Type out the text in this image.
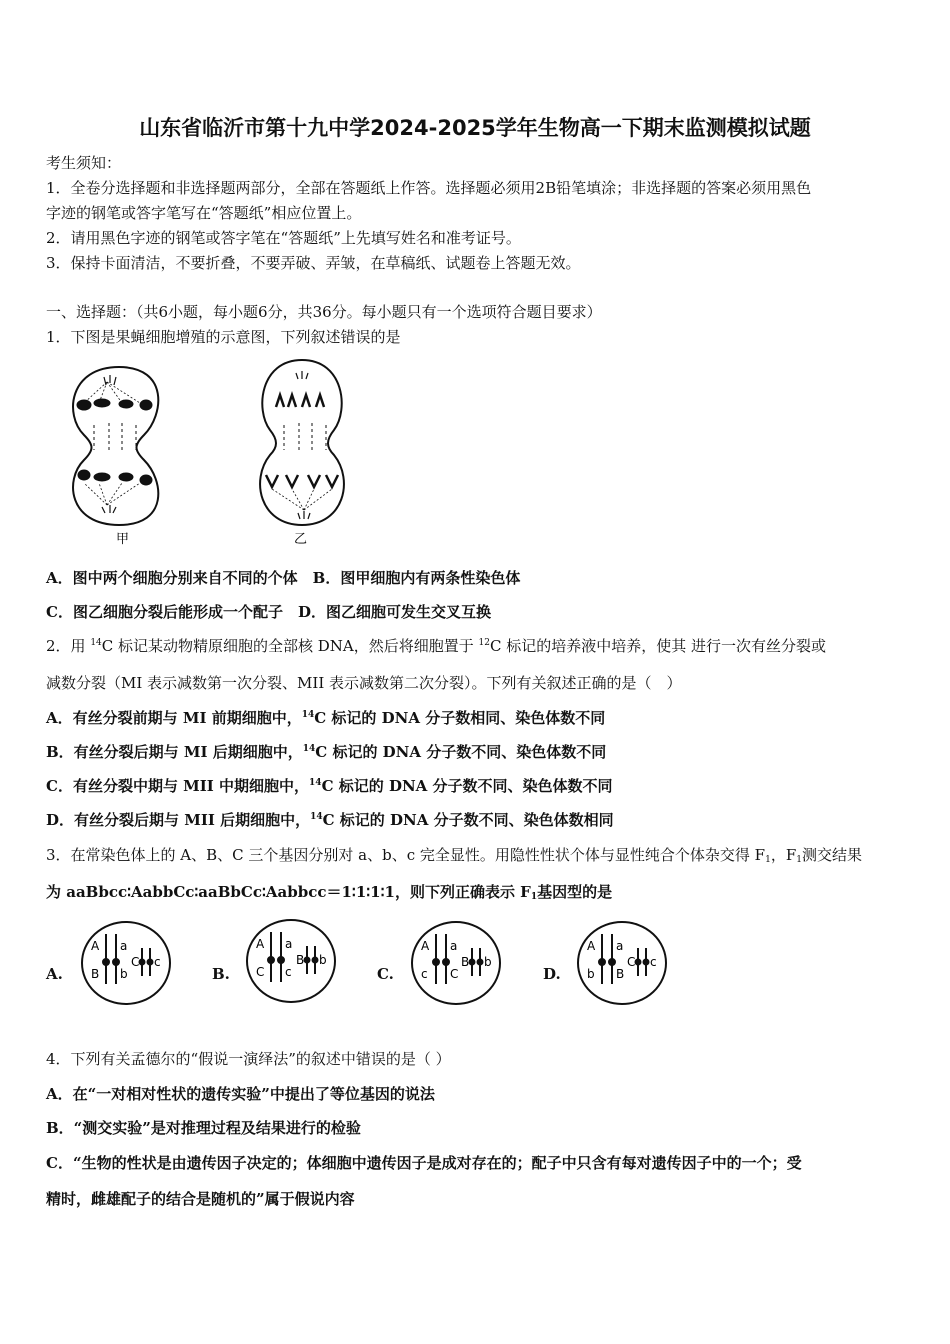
山东省临沂市第十九中学2024-2025学年生物高一下期末监测模拟试题
考生须知：
1．全卷分选择题和非选择题两部分，全部在答题纸上作答。选择题必须用2B铅笔填涂；非选择题的答案必须用黑色
字迹的钢笔或答字笔写在“答题纸”相应位置上。
2．请用黑色字迹的钢笔或答字笔在“答题纸”上先填写姓名和准考证号。
3．保持卡面清洁，不要折叠，不要弄破、弄皱，在草稿纸、试题卷上答题无效。
一、选择题：（共6小题，每小题6分，共36分。每小题只有一个选项符合题目要求）
1．下图是果蝇细胞增殖的示意图，下列叙述错误的是
甲	乙
A．图中两个细胞分别来自不同的个体　B．图甲细胞内有两条性染色体
C．图乙细胞分裂后能形成一个配子　D．图乙细胞可发生交叉互换
2．用 $^{14}$C 标记某动物精原细胞的全部核 DNA，然后将细胞置于 $^{12}$C 标记的培养液中培养，使其 进行一次有丝分裂或
减数分裂（MI 表示减数第一次分裂、MII 表示减数第二次分裂）。下列有关叙述正确的是（　）
A．有丝分裂前期与 MI 前期细胞中，$^{14}$C 标记的 DNA 分子数相同、染色体数不同
B．有丝分裂后期与 MI 后期细胞中，$^{14}$C 标记的 DNA 分子数不同、染色体数不同
C．有丝分裂中期与 MII 中期细胞中，$^{14}$C 标记的 DNA 分子数不同、染色体数不同
D．有丝分裂后期与 MII 后期细胞中，$^{14}$C 标记的 DNA 分子数不同、染色体数相同
3．在常染色体上的 A、B、C 三个基因分别对 a、b、c 完全显性。用隐性性状个体与显性纯合个体杂交得 $F_1$，$F_1$测交结果
为 aaBbcc∶AabbCc∶aaBbCc∶Aabbcc＝1∶1∶1∶1，则下列正确表示 $F_1$基因型的是
A.	B.	C.	D.
A a
B b
C c
A a
C c
B b
A a
c C
B b
A a
b B
C c
4．下列有关孟德尔的“假说一演绎法”的叙述中错误的是（ ）
A．在“一对相对性状的遗传实验”中提出了等位基因的说法
B．“测交实验”是对推理过程及结果进行的检验
C．“生物的性状是由遗传因子决定的；体细胞中遗传因子是成对存在的；配子中只含有每对遗传因子中的一个；受
精时，雌雄配子的结合是随机的”属于假说内容
